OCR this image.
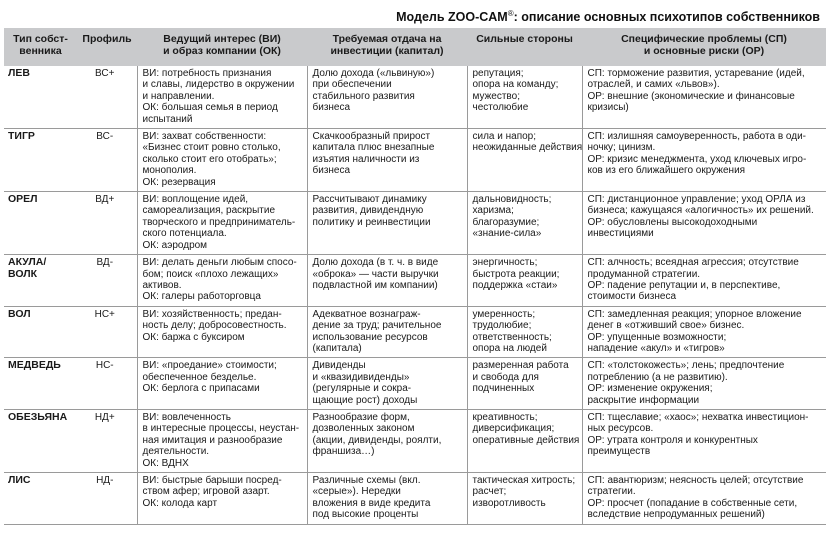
Модель ZOO-CAM®: описание основных психотипов собственников
Тип собст-
венника	Профиль	Ведущий интерес (ВИ)
и образ компании (ОК)	Требуемая отдача на
инвестиции (капитал)	Сильные стороны	Специфические проблемы (СП)
и основные риски (ОР)

ЛЕВ	ВС+	ВИ: потребность признания
и славы, лидерство в окружении
и направлении.
ОК: большая семья в период
испытаний	Долю дохода («львиную»)
при обеспечении
стабильного развития
бизнеса	репутация;
опора на команду;
мужество;
честолюбие	СП: торможение развития, устаревание (идей,
отраслей, и самих «львов»).
ОР: внешние (экономические и финансовые
кризисы)

ТИГР	ВС-	ВИ: захват собственности:
«Бизнес стоит ровно столько,
сколько стоит его отобрать»;
монополия.
ОК: резервация	Скачкообразный прирост
капитала плюс внезапные
изъятия наличности из
бизнеса	сила и напор;
неожиданные действия	СП: излишняя самоуверенность, работа в оди-
ночку; цинизм.
ОР: кризис менеджмента, уход ключевых игро-
ков из его ближайшего окружения

ОРЕЛ	ВД+	ВИ: воплощение идей,
самореализация, раскрытие
творческого и предприниматель-
ского потенциала.
ОК: аэродром	Рассчитывают динамику
развития, дивидендную
политику и реинвестиции	дальновидность;
харизма;
благоразумие;
«знание-сила»	СП: дистанционное управление; уход ОРЛА из
бизнеса; кажущаяся «алогичность» их решений.
ОР: обусловлены высокодоходными
инвестициями

АКУЛА/
ВОЛК	ВД-	ВИ: делать деньги любым спосо-
бом; поиск «плохо лежащих»
активов.
ОК: галеры работорговца	Долю дохода (в т. ч. в виде
«оброка» — части выручки
подвластной им компании)	энергичность;
быстрота реакции;
поддержка «стаи»	СП: алчность; всеядная агрессия; отсутствие
продуманной стратегии.
ОР: падение репутации и, в перспективе,
стоимости бизнеса

ВОЛ	НС+	ВИ: хозяйственность; предан-
ность делу; добросовестность.
ОК: баржа с буксиром	Адекватное вознаграж-
дение за труд; рачительное
использование ресурсов
(капитала)	умеренность;
трудолюбие;
ответственность;
опора на людей	СП: замедленная реакция; упорное вложение
денег в «отживший свое» бизнес.
ОР: упущенные возможности;
нападение «акул» и «тигров»

МЕДВЕДЬ	НС-	ВИ: «проедание» стоимости;
обеспеченное безделье.
ОК: берлога с припасами	Дивиденды
и «квазидивиденды»
(регулярные и сокра-
щающие рост) доходы	размеренная работа
и свобода для
подчиненных	СП: «толстокожесть»; лень; предпочтение
потреблению (а не развитию).
ОР: изменение окружения;
раскрытие информации

ОБЕЗЬЯНА	НД+	ВИ: вовлеченность
в интересные процессы, неустан-
ная имитация и разнообразие
деятельности.
ОК: ВДНХ	Разнообразие форм,
дозволенных законом
(акции, дивиденды, роялти,
франшиза…)	креативность;
диверсификация;
оперативные действия	СП: тщеславие; «хаос»; нехватка инвестицион-
ных ресурсов.
ОР: утрата контроля и конкурентных
преимуществ

ЛИС	НД-	ВИ: быстрые барыши посред-
ством афер; игровой азарт.
ОК: колода карт	Различные схемы (вкл.
«серые»). Нередки
вложения в виде кредита
под высокие проценты	тактическая хитрость;
расчет;
изворотливость	СП: авантюризм; неясность целей; отсутствие
стратегии.
ОР: просчет (попадание в собственные сети,
вследствие непродуманных решений)
